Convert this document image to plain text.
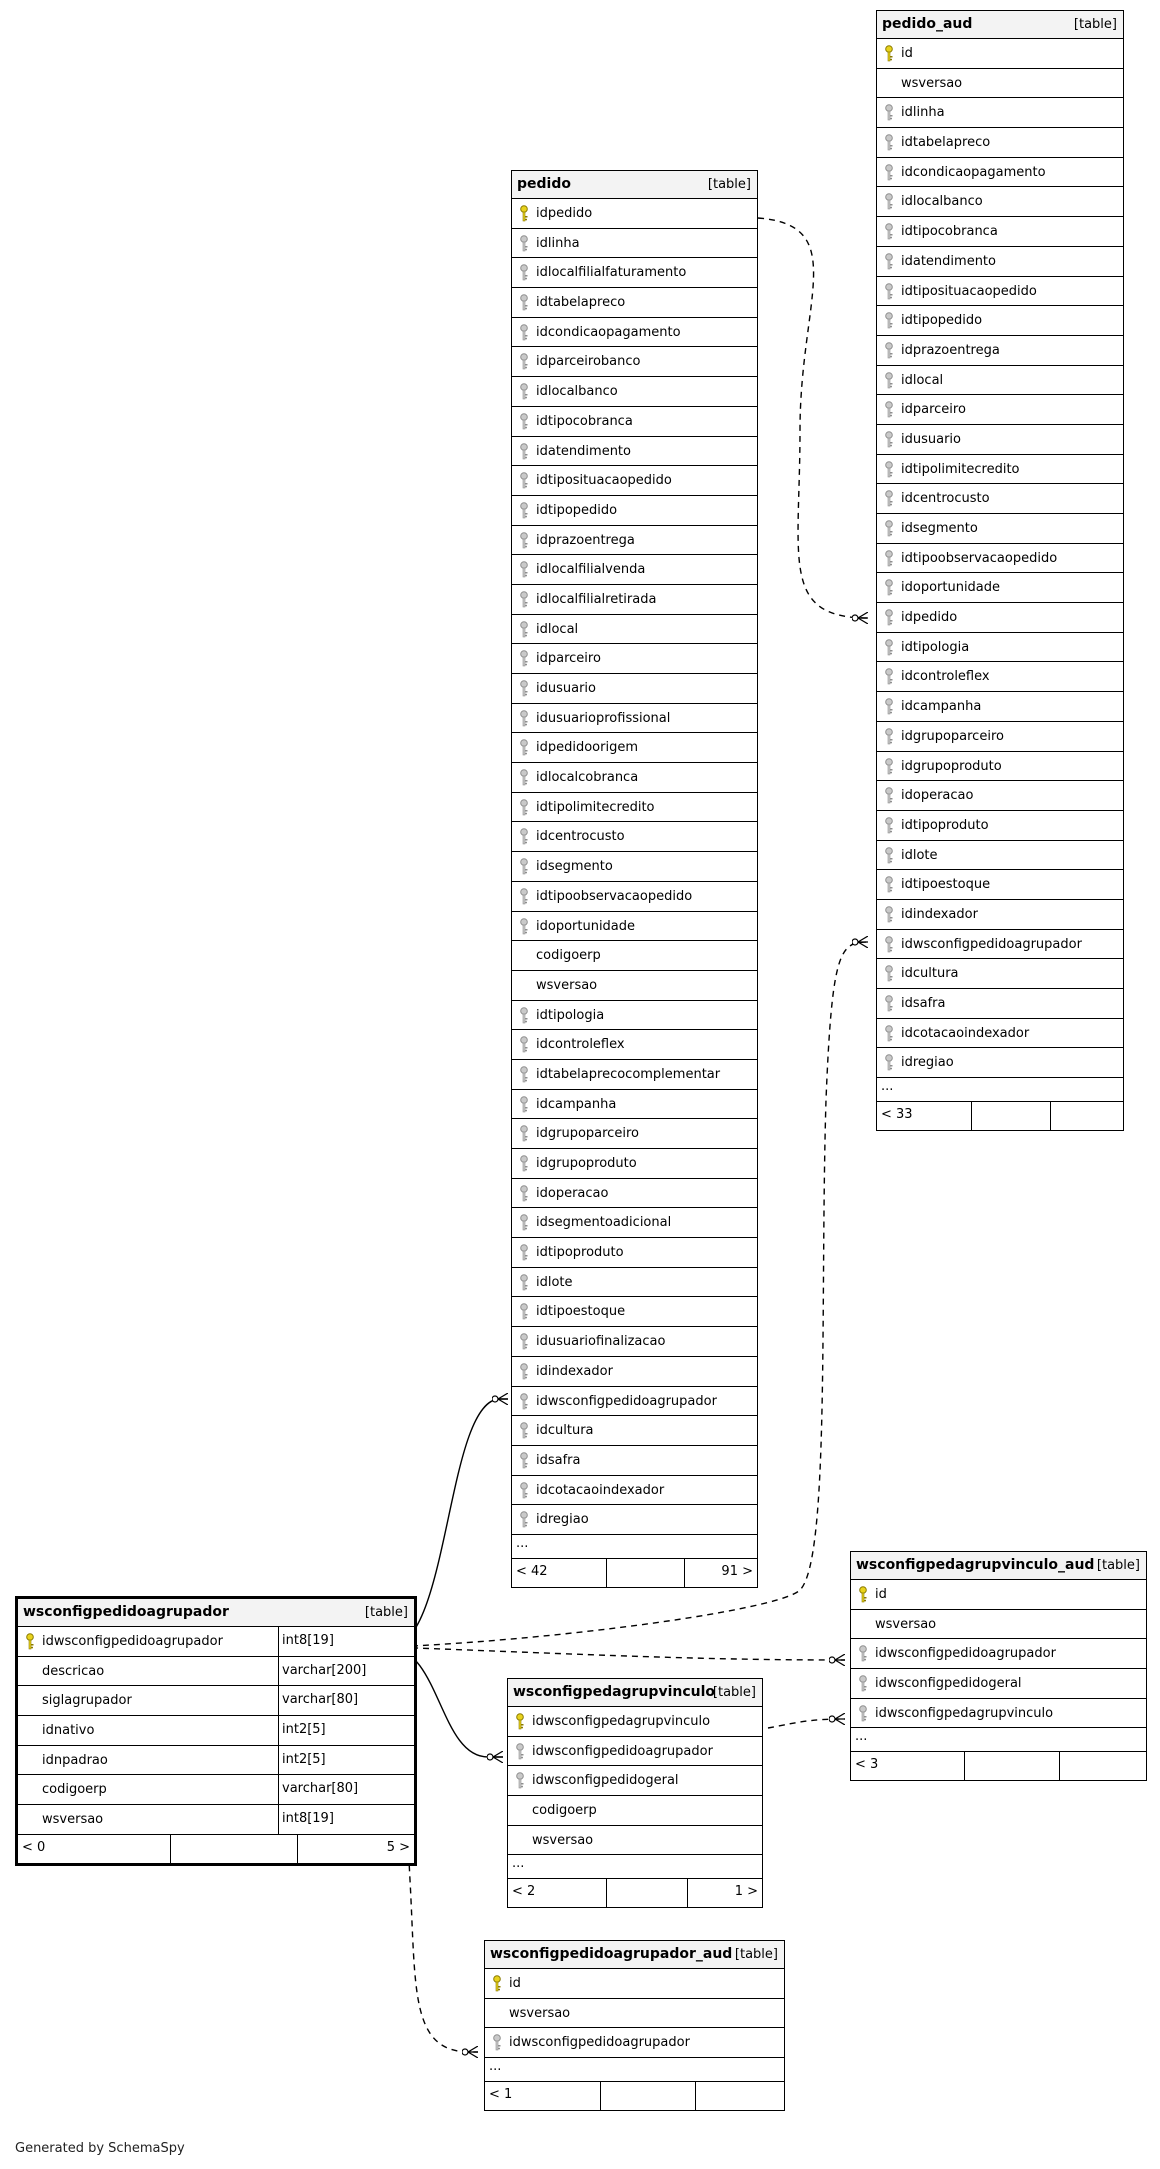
pedido_aud	[table]
id
wsversao
idlinha
idtabelapreco
idcondicaopagamento
idlocalbanco
idtipocobranca
idatendimento
idtiposituacaopedido
idtipopedido
idprazoentrega
idlocal
idparceiro
idusuario
idtipolimitecredito
idcentrocusto
idsegmento
idtipoobservacaopedido
idoportunidade
idpedido
idtipologia
idcontroleflex
idcampanha
idgrupoparceiro
idgrupoproduto
idoperacao
idtipoproduto
idlote
idtipoestoque
idindexador
idwsconfigpedidoagrupador
idcultura
idsafra
idcotacaoindexador
idregiao
...
< 33
pedido	[table]
idpedido
idlinha
idlocalfilialfaturamento
idtabelapreco
idcondicaopagamento
idparceirobanco
idlocalbanco
idtipocobranca
idatendimento
idtiposituacaopedido
idtipopedido
idprazoentrega
idlocalfilialvenda
idlocalfilialretirada
idlocal
idparceiro
idusuario
idusuarioprofissional
idpedidoorigem
idlocalcobranca
idtipolimitecredito
idcentrocusto
idsegmento
idtipoobservacaopedido
idoportunidade
codigoerp
wsversao
idtipologia
idcontroleflex
idtabelaprecocomplementar
idcampanha
idgrupoparceiro
idgrupoproduto
idoperacao
idsegmentoadicional
idtipoproduto
idlote
idtipoestoque
idusuariofinalizacao
idindexador
idwsconfigpedidoagrupador
idcultura
idsafra
idcotacaoindexador
idregiao
...
< 42	91 >
wsconfigpedidoagrupador	[table]
idwsconfigpedidoagrupador	int8[19]
descricao	varchar[200]
siglagrupador	varchar[80]
idnativo	int2[5]
idnpadrao	int2[5]
codigoerp	varchar[80]
wsversao	int8[19]
< 0	5 >
wsconfigpedagrupvinculo_aud [table]
id
wsversao
idwsconfigpedidoagrupador
idwsconfigpedidogeral
idwsconfigpedagrupvinculo
...
< 3
wsconfigpedagrupvinculo
[table]
idwsconfigpedagrupvinculo
idwsconfigpedidoagrupador
idwsconfigpedidogeral
codigoerp
wsversao
...
< 2	1 >
wsconfigpedidoagrupador_aud [table]
id
wsversao
idwsconfigpedidoagrupador
...
< 1
Generated by SchemaSpy
